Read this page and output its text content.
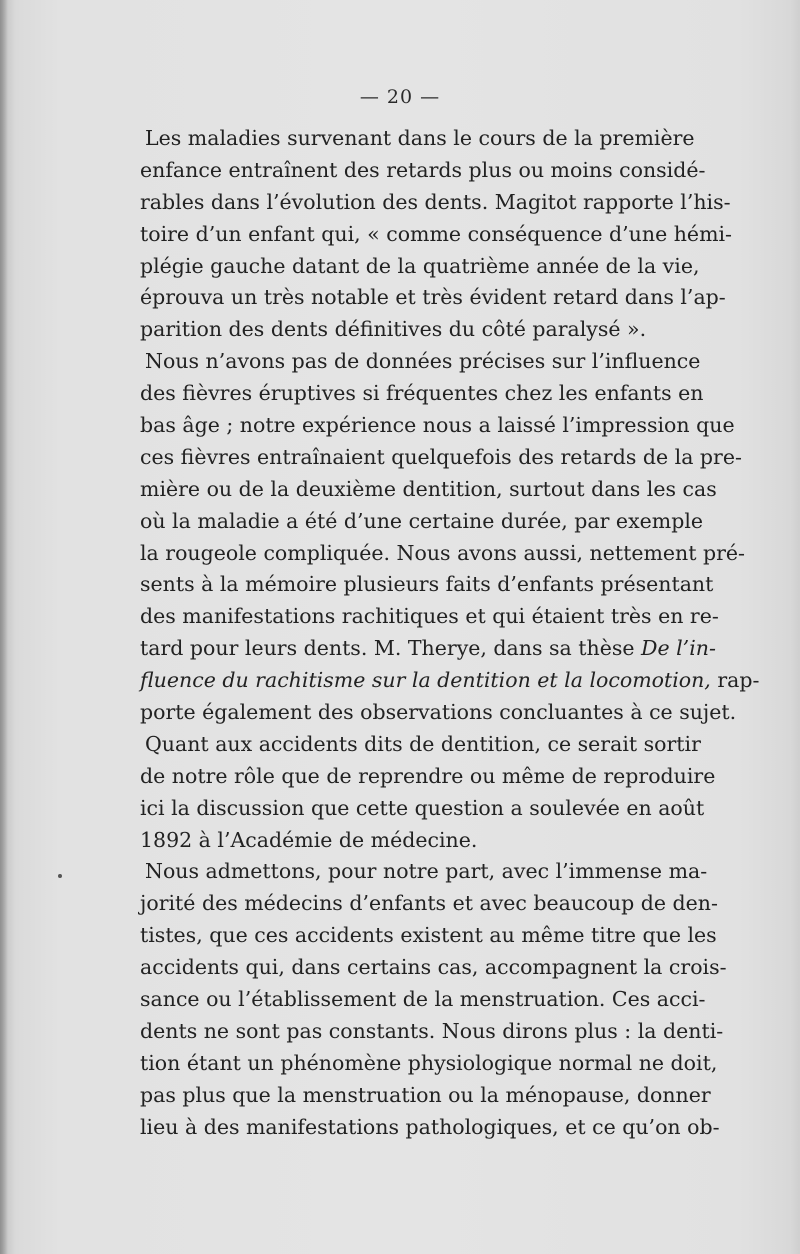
— 20 —
Les maladies survenant dans le cours de la première
enfance entraînent des retards plus ou moins considé-
rables dans l’évolution des dents. Magitot rapporte l’his-
toire d’un enfant qui, « comme conséquence d’une hémi-
plégie gauche datant de la quatrième année de la vie,
éprouva un très notable et très évident retard dans l’ap-
parition des dents définitives du côté paralysé ».
Nous n’avons pas de données précises sur l’influence
des fièvres éruptives si fréquentes chez les enfants en
bas âge ; notre expérience nous a laissé l’impression que
ces fièvres entraînaient quelquefois des retards de la pre-
mière ou de la deuxième dentition, surtout dans les cas
où la maladie a été d’une certaine durée, par exemple
la rougeole compliquée. Nous avons aussi, nettement pré-
sents à la mémoire plusieurs faits d’enfants présentant
des manifestations rachitiques et qui étaient très en re-
tard pour leurs dents. M. Therye, dans sa thèse De l’in-
fluence du rachitisme sur la dentition et la locomotion, rap-
porte également des observations concluantes à ce sujet.
Quant aux accidents dits de dentition, ce serait sortir
de notre rôle que de reprendre ou même de reproduire
ici la discussion que cette question a soulevée en août
1892 à l’Académie de médecine.
Nous admettons, pour notre part, avec l’immense ma-
jorité des médecins d’enfants et avec beaucoup de den-
tistes, que ces accidents existent au même titre que les
accidents qui, dans certains cas, accompagnent la crois-
sance ou l’établissement de la menstruation. Ces acci-
dents ne sont pas constants. Nous dirons plus : la denti-
tion étant un phénomène physiologique normal ne doit,
pas plus que la menstruation ou la ménopause, donner
lieu à des manifestations pathologiques, et ce qu’on ob-
